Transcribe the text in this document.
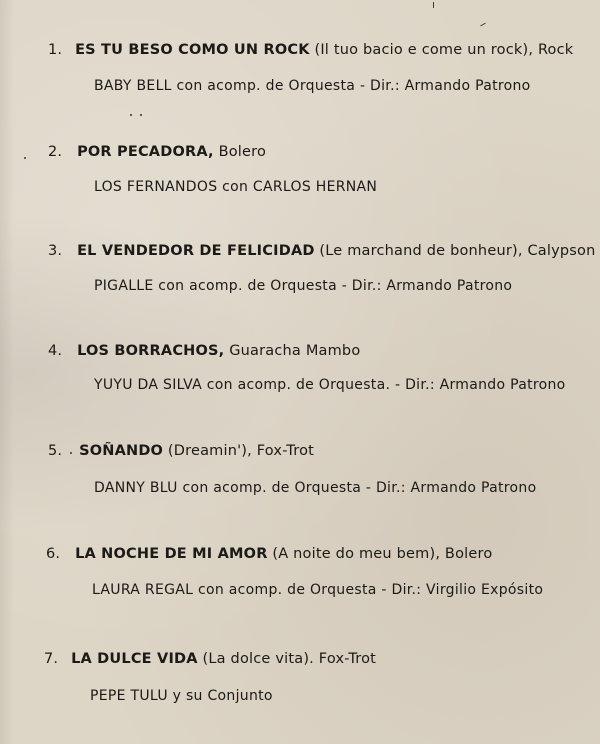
1. ES TU BESO COMO UN ROCK (Il tuo bacio e come un rock), Rock
BABY BELL con acomp. de Orquesta - Dir.: Armando Patrono
2. POR PECADORA, Bolero
LOS FERNANDOS con CARLOS HERNAN
3. EL VENDEDOR DE FELICIDAD (Le marchand de bonheur), Calypson
PIGALLE con acomp. de Orquesta - Dir.: Armando Patrono
4. LOS BORRACHOS, Guaracha Mambo
YUYU DA SILVA con acomp. de Orquesta. - Dir.: Armando Patrono
5. SOÑANDO (Dreamin'), Fox-Trot
DANNY BLU con acomp. de Orquesta - Dir.: Armando Patrono
6. LA NOCHE DE MI AMOR (A noite do meu bem), Bolero
LAURA REGAL con acomp. de Orquesta - Dir.: Virgilio Expósito
7. LA DULCE VIDA (La dolce vita). Fox-Trot
PEPE TULU y su Conjunto
